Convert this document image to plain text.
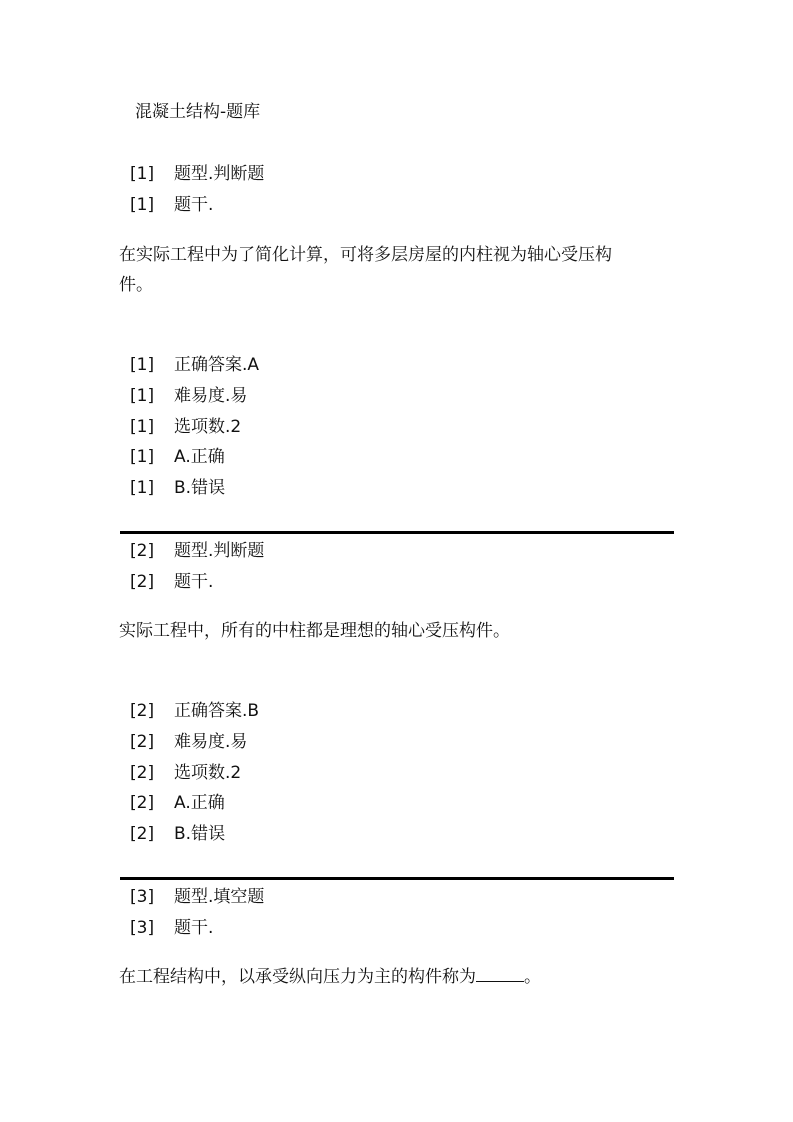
混凝土结构-题库
[1] 题型.判断题
[1] 题干.
在实际工程中为了简化计算，可将多层房屋的内柱视为轴心受压构
件。
[1] 正确答案.A
[1] 难易度.易
[1] 选项数.2
[1] A.正确
[1] B.错误
[2] 题型.判断题
[2] 题干.
实际工程中，所有的中柱都是理想的轴心受压构件。
[2] 正确答案.B
[2] 难易度.易
[2] 选项数.2
[2] A.正确
[2] B.错误
[3] 题型.填空题
[3] 题干.
在工程结构中，以承受纵向压力为主的构件称为	。
